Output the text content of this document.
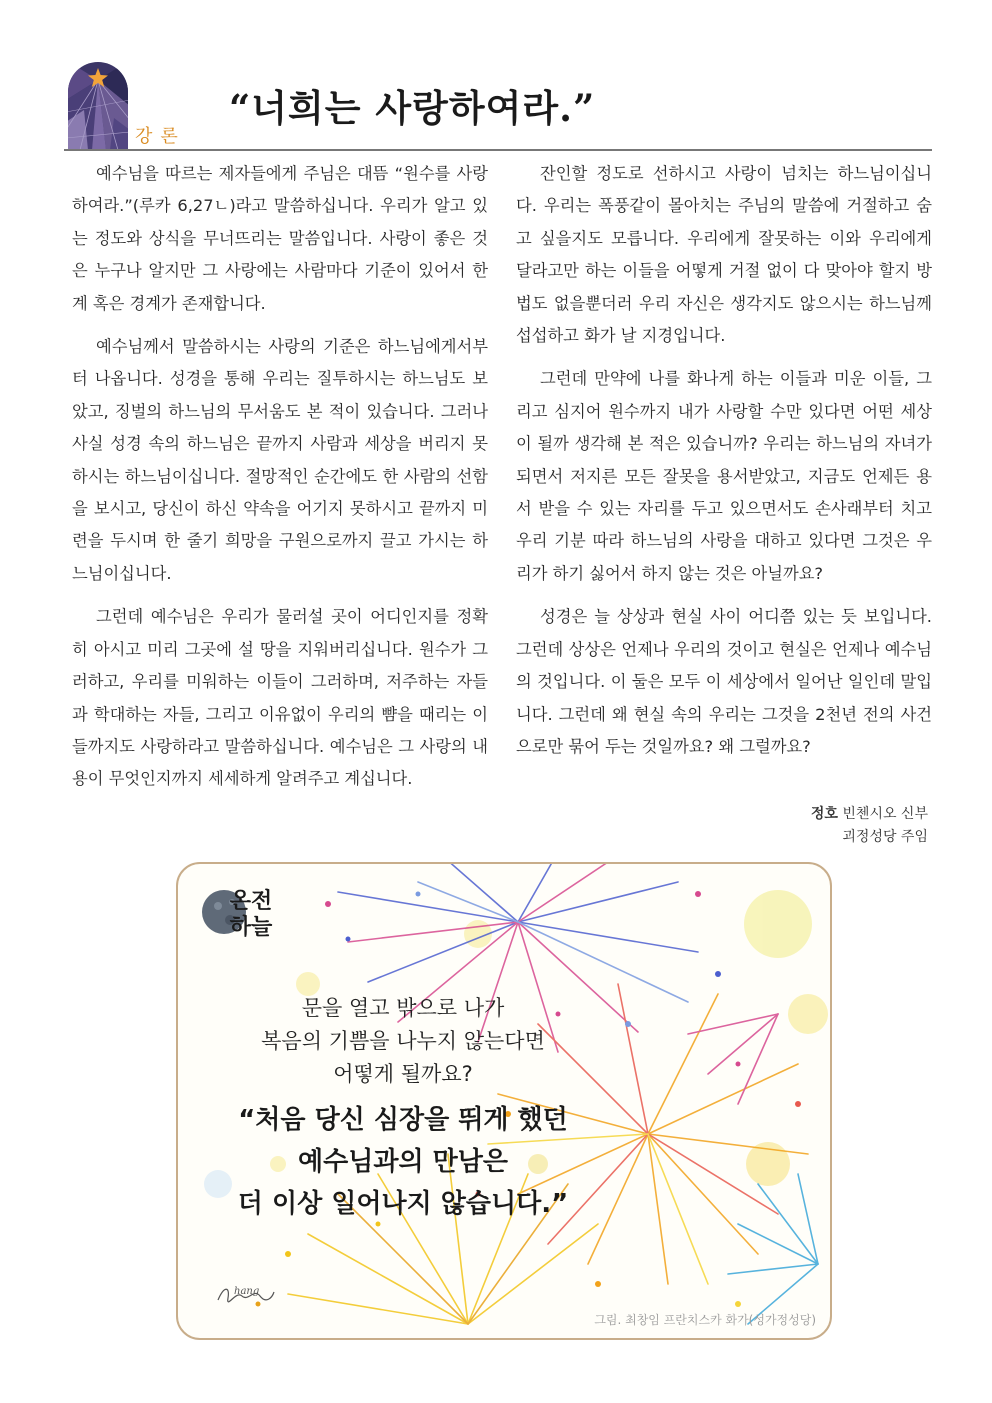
강론
“너희는 사랑하여라.”

예수님을 따르는 제자들에게 주님은 대뜸 “원수를 사랑하여라.”(루카 6,27ㄴ)라고 말씀하십니다. 우리가 알고 있는 정도와 상식을 무너뜨리는 말씀입니다. 사랑이 좋은 것은 누구나 알지만 그 사랑에는 사람마다 기준이 있어서 한계 혹은 경계가 존재합니다.

예수님께서 말씀하시는 사랑의 기준은 하느님에게서부터 나옵니다. 성경을 통해 우리는 질투하시는 하느님도 보았고, 징벌의 하느님의 무서움도 본 적이 있습니다. 그러나 사실 성경 속의 하느님은 끝까지 사람과 세상을 버리지 못하시는 하느님이십니다. 절망적인 순간에도 한 사람의 선함을 보시고, 당신이 하신 약속을 어기지 못하시고 끝까지 미련을 두시며 한 줄기 희망을 구원으로까지 끌고 가시는 하느님이십니다.

그런데 예수님은 우리가 물러설 곳이 어디인지를 정확히 아시고 미리 그곳에 설 땅을 지워버리십니다. 원수가 그러하고, 우리를 미워하는 이들이 그러하며, 저주하는 자들과 학대하는 자들, 그리고 이유없이 우리의 뺨을 때리는 이들까지도 사랑하라고 말씀하십니다. 예수님은 그 사랑의 내용이 무엇인지까지 세세하게 알려주고 계십니다.

잔인할 정도로 선하시고 사랑이 넘치는 하느님이십니다. 우리는 폭풍같이 몰아치는 주님의 말씀에 거절하고 숨고 싶을지도 모릅니다. 우리에게 잘못하는 이와 우리에게 달라고만 하는 이들을 어떻게 거절 없이 다 맞아야 할지 방법도 없을뿐더러 우리 자신은 생각지도 않으시는 하느님께 섭섭하고 화가 날 지경입니다.

그런데 만약에 나를 화나게 하는 이들과 미운 이들, 그리고 심지어 원수까지 내가 사랑할 수만 있다면 어떤 세상이 될까 생각해 본 적은 있습니까? 우리는 하느님의 자녀가 되면서 저지른 모든 잘못을 용서받았고, 지금도 언제든 용서 받을 수 있는 자리를 두고 있으면서도 손사래부터 치고 우리 기분 따라 하느님의 사랑을 대하고 있다면 그것은 우리가 하기 싫어서 하지 않는 것은 아닐까요?

성경은 늘 상상과 현실 사이 어디쯤 있는 듯 보입니다. 그런데 상상은 언제나 우리의 것이고 현실은 언제나 예수님의 것입니다. 이 둘은 모두 이 세상에서 일어난 일인데 말입니다. 그런데 왜 현실 속의 우리는 그것을 2천년 전의 사건으로만 묶어 두는 것일까요? 왜 그럴까요?

정호 빈첸시오 신부
괴정성당 주임
온전 하늘
문을 열고 밖으로 나가
복음의 기쁨을 나누지 않는다면
어떻게 될까요?
“처음 당신 심장을 뛰게 했던
예수님과의 만남은
더 이상 일어나지 않습니다.”
hang
그림. 최창임 프란치스카 화가(성가정성당)
